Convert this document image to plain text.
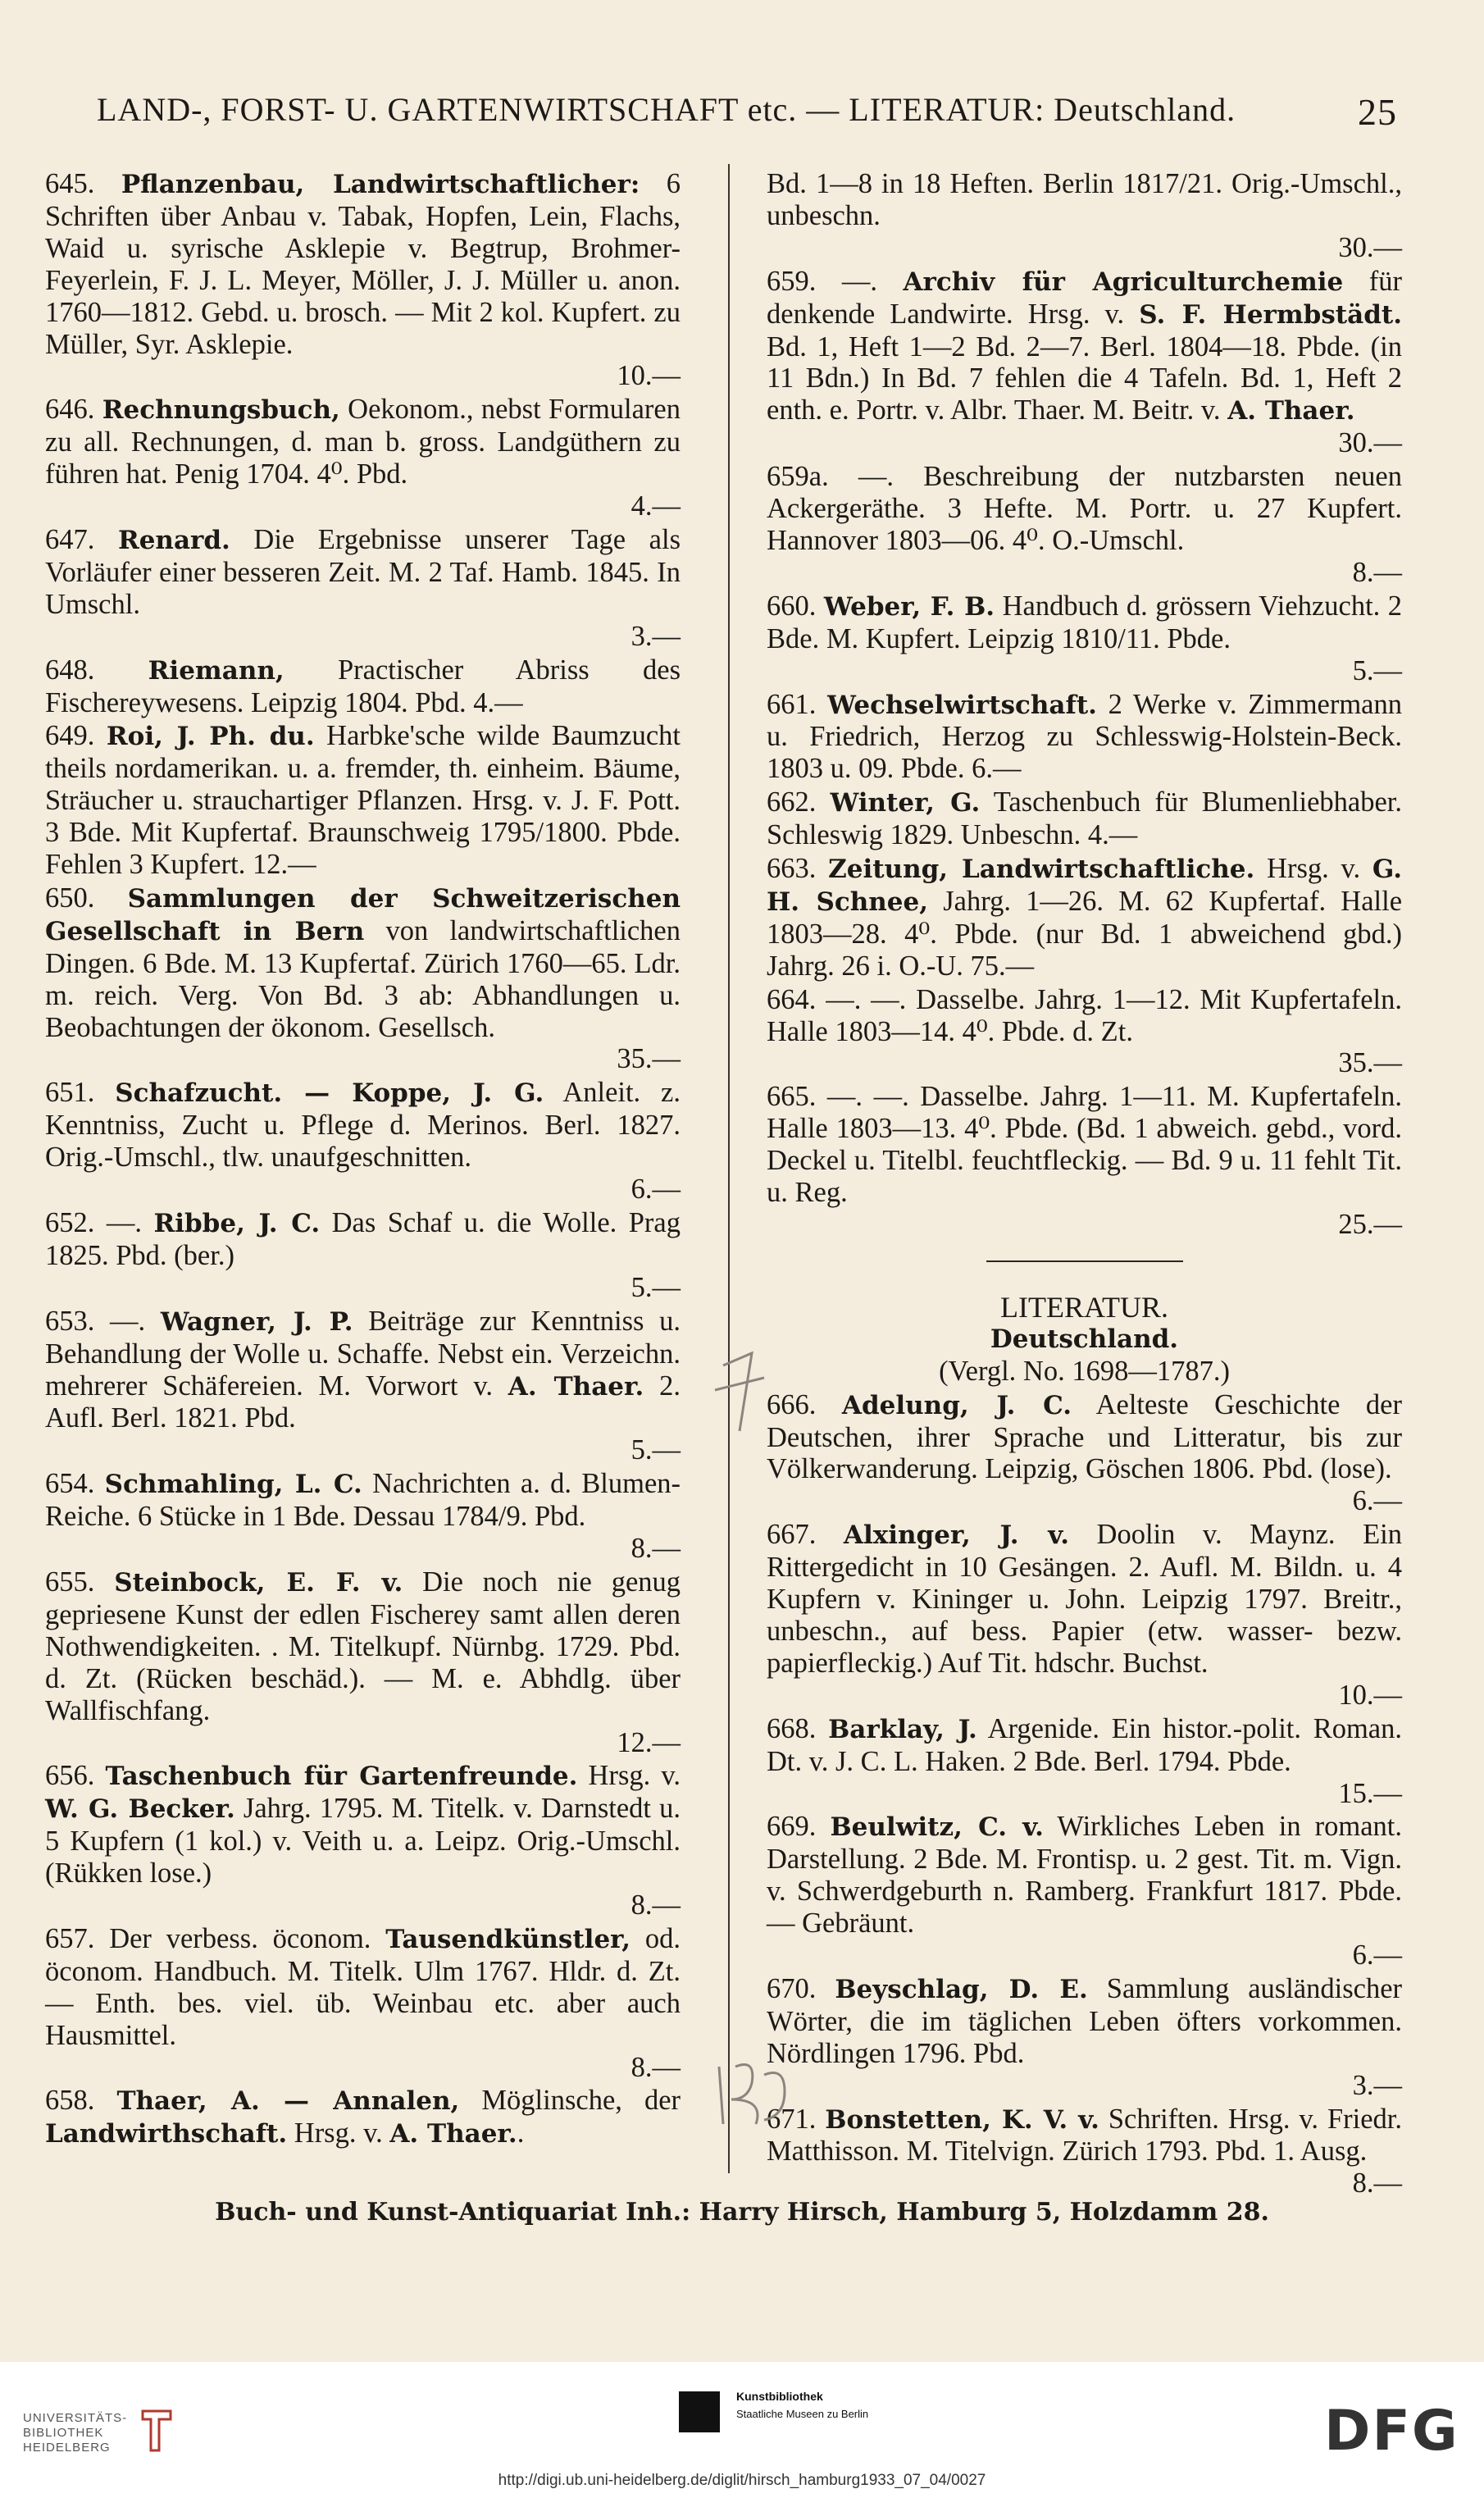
LAND-, FORST- U. GARTENWIRTSCHAFT etc. — LITERATUR: Deutschland.	25

645. Pflanzenbau, Landwirtschaftlicher: 6 Schriften über Anbau v. Tabak, Hopfen, Lein, Flachs, Waid u. syrische Asklepie v. Begtrup, Brohmer-Feyerlein, F. J. L. Meyer, Möller, J. J. Müller u. anon. 1760—1812. Gebd. u. brosch. — Mit 2 kol. Kupfert. zu Müller, Syr. Asklepie.
10.—

646. Rechnungsbuch, Oekonom., nebst Formularen zu all. Rechnungen, d. man b. gross. Landgüthern zu führen hat. Penig 1704. 4⁰. Pbd.
4.—

647. Renard. Die Ergebnisse unserer Tage als Vorläufer einer besseren Zeit. M. 2 Taf. Hamb. 1845. In Umschl.
3.—

648. Riemann, Practischer Abriss des Fischereywesens. Leipzig 1804. Pbd. 4.—

649. Roi, J. Ph. du. Harbke'sche wilde Baumzucht theils nordamerikan. u. a. fremder, th. einheim. Bäume, Sträucher u. strauchartiger Pflanzen. Hrsg. v. J. F. Pott. 3 Bde. Mit Kupfertaf. Braunschweig 1795/1800. Pbde. Fehlen 3 Kupfert. 12.—

650. Sammlungen der Schweitzerischen Gesellschaft in Bern von landwirtschaftlichen Dingen. 6 Bde. M. 13 Kupfertaf. Zürich 1760—65. Ldr. m. reich. Verg. Von Bd. 3 ab: Abhandlungen u. Beobachtungen der ökonom. Gesellsch.
35.—

651. Schafzucht. — Koppe, J. G. Anleit. z. Kenntniss, Zucht u. Pflege d. Merinos. Berl. 1827. Orig.-Umschl., tlw. unaufgeschnitten.
6.—

652. —. Ribbe, J. C. Das Schaf u. die Wolle. Prag 1825. Pbd. (ber.)
5.—

653. —. Wagner, J. P. Beiträge zur Kenntniss u. Behandlung der Wolle u. Schaffe. Nebst ein. Verzeichn. mehrerer Schäfereien. M. Vorwort v. A. Thaer. 2. Aufl. Berl. 1821. Pbd.
5.—

654. Schmahling, L. C. Nachrichten a. d. Blumen-Reiche. 6 Stücke in 1 Bde. Dessau 1784/9. Pbd.
8.—

655. Steinbock, E. F. v. Die noch nie genug gepriesene Kunst der edlen Fischerey samt allen deren Nothwendigkeiten. . M. Titelkupf. Nürnbg. 1729. Pbd. d. Zt. (Rücken beschäd.). — M. e. Abhdlg. über Wallfischfang.
12.—

656. Taschenbuch für Gartenfreunde. Hrsg. v. W. G. Becker. Jahrg. 1795. M. Titelk. v. Darnstedt u. 5 Kupfern (1 kol.) v. Veith u. a. Leipz. Orig.-Umschl. (Rükken lose.)
8.—

657. Der verbess. öconom. Tausendkünstler, od. öconom. Handbuch. M. Titelk. Ulm 1767. Hldr. d. Zt. — Enth. bes. viel. üb. Weinbau etc. aber auch Hausmittel.
8.—

658. Thaer, A. — Annalen, Möglinsche, der Landwirthschaft. Hrsg. v. A. Thaer..

Bd. 1—8 in 18 Heften. Berlin 1817/21. Orig.-Umschl., unbeschn.
30.—

659. —. Archiv für Agriculturchemie für denkende Landwirte. Hrsg. v. S. F. Hermbstädt. Bd. 1, Heft 1—2 Bd. 2—7. Berl. 1804—18. Pbde. (in 11 Bdn.) In Bd. 7 fehlen die 4 Tafeln. Bd. 1, Heft 2 enth. e. Portr. v. Albr. Thaer. M. Beitr. v. A. Thaer.
30.—

659a. —. Beschreibung der nutzbarsten neuen Ackergeräthe. 3 Hefte. M. Portr. u. 27 Kupfert. Hannover 1803—06. 4⁰. O.-Umschl.
8.—

660. Weber, F. B. Handbuch d. grössern Viehzucht. 2 Bde. M. Kupfert. Leipzig 1810/11. Pbde.
5.—

661. Wechselwirtschaft. 2 Werke v. Zimmermann u. Friedrich, Herzog zu Schlesswig-Holstein-Beck. 1803 u. 09. Pbde. 6.—

662. Winter, G. Taschenbuch für Blumenliebhaber. Schleswig 1829. Unbeschn. 4.—

663. Zeitung, Landwirtschaftliche. Hrsg. v. G. H. Schnee, Jahrg. 1—26. M. 62 Kupfertaf. Halle 1803—28. 4⁰. Pbde. (nur Bd. 1 abweichend gbd.) Jahrg. 26 i. O.-U. 75.—

664. —. —. Dasselbe. Jahrg. 1—12. Mit Kupfertafeln. Halle 1803—14. 4⁰. Pbde. d. Zt.
35.—

665. —. —. Dasselbe. Jahrg. 1—11. M. Kupfertafeln. Halle 1803—13. 4⁰. Pbde. (Bd. 1 abweich. gebd., vord. Deckel u. Titelbl. feuchtfleckig. — Bd. 9 u. 11 fehlt Tit. u. Reg.
25.—

LITERATUR.

Deutschland.

(Vergl. No. 1698—1787.)

666. Adelung, J. C. Aelteste Geschichte der Deutschen, ihrer Sprache und Litteratur, bis zur Völkerwanderung. Leipzig, Göschen 1806. Pbd. (lose).
6.—

667. Alxinger, J. v. Doolin v. Maynz. Ein Rittergedicht in 10 Gesängen. 2. Aufl. M. Bildn. u. 4 Kupfern v. Kininger u. John. Leipzig 1797. Breitr., unbeschn., auf bess. Papier (etw. wasser- bezw. papierfleckig.) Auf Tit. hdschr. Buchst.
10.—

668. Barklay, J. Argenide. Ein histor.-polit. Roman. Dt. v. J. C. L. Haken. 2 Bde. Berl. 1794. Pbde.
15.—

669. Beulwitz, C. v. Wirkliches Leben in romant. Darstellung. 2 Bde. M. Frontisp. u. 2 gest. Tit. m. Vign. v. Schwerdgeburth n. Ramberg. Frankfurt 1817. Pbde. — Gebräunt.
6.—

670. Beyschlag, D. E. Sammlung ausländischer Wörter, die im täglichen Leben öfters vorkommen. Nördlingen 1796. Pbd.
3.—

671. Bonstetten, K. V. v. Schriften. Hrsg. v. Friedr. Matthisson. M. Titelvign. Zürich 1793. Pbd. 1. Ausg.
8.—

Buch- und Kunst-Antiquariat Inh.: Harry Hirsch, Hamburg 5, Holzdamm 28.
UNIVERSITÄTS-
BIBLIOTHEK
HEIDELBERG
Kunstbibliothek
Staatliche Museen zu Berlin	DFG
http://digi.ub.uni-heidelberg.de/diglit/hirsch_hamburg1933_07_04/0027
